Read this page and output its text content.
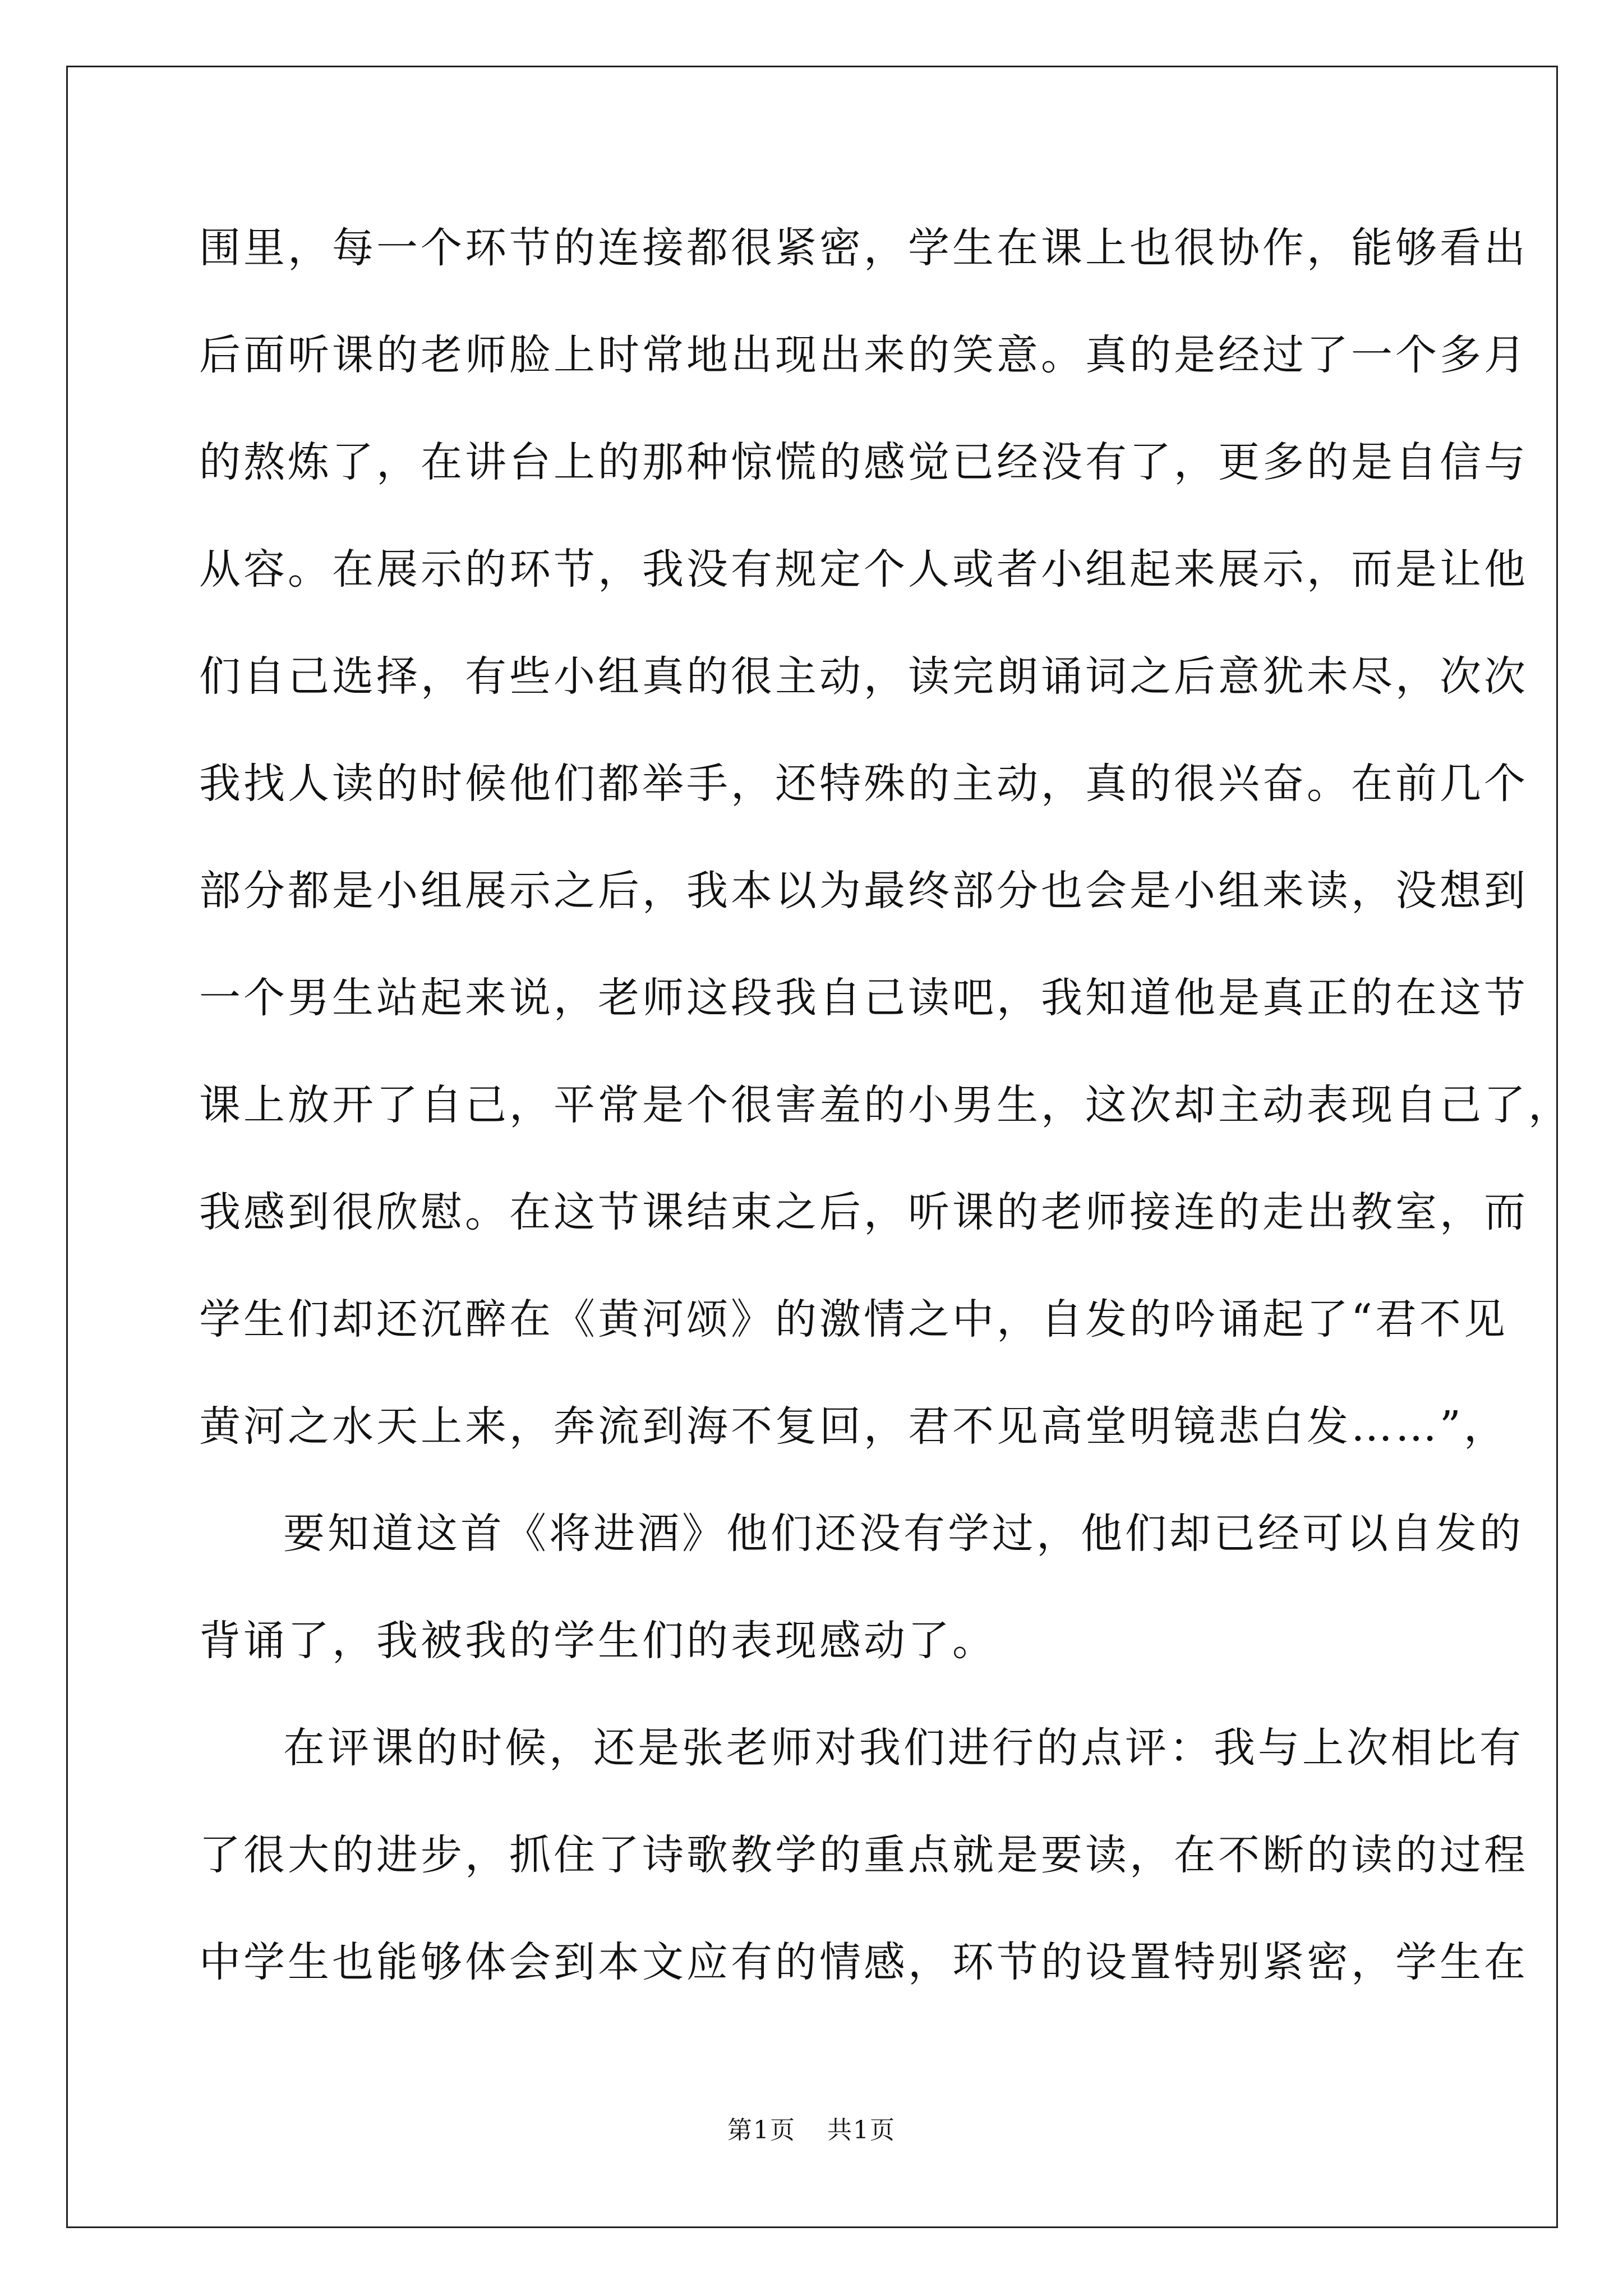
围里，每一个环节的连接都很紧密，学生在课上也很协作，能够看出
后面听课的老师脸上时常地出现出来的笑意。真的是经过了一个多月
的熬炼了，在讲台上的那种惊慌的感觉已经没有了，更多的是自信与
从容。在展示的环节，我没有规定个人或者小组起来展示，而是让他
们自己选择，有些小组真的很主动，读完朗诵词之后意犹未尽，次次
我找人读的时候他们都举手，还特殊的主动，真的很兴奋。在前几个
部分都是小组展示之后，我本以为最终部分也会是小组来读，没想到
一个男生站起来说，老师这段我自己读吧，我知道他是真正的在这节
课上放开了自己，平常是个很害羞的小男生，这次却主动表现自己了，
我感到很欣慰。在这节课结束之后，听课的老师接连的走出教室，而
学生们却还沉醉在《黄河颂》的激情之中，自发的吟诵起了“君不见
黄河之水天上来，奔流到海不复回，君不见高堂明镜悲白发……”，
要知道这首《将进酒》他们还没有学过，他们却已经可以自发的
背诵了，我被我的学生们的表现感动了。
在评课的时候，还是张老师对我们进行的点评：我与上次相比有
了很大的进步，抓住了诗歌教学的重点就是要读，在不断的读的过程
中学生也能够体会到本文应有的情感，环节的设置特别紧密，学生在
第1页 共1页
